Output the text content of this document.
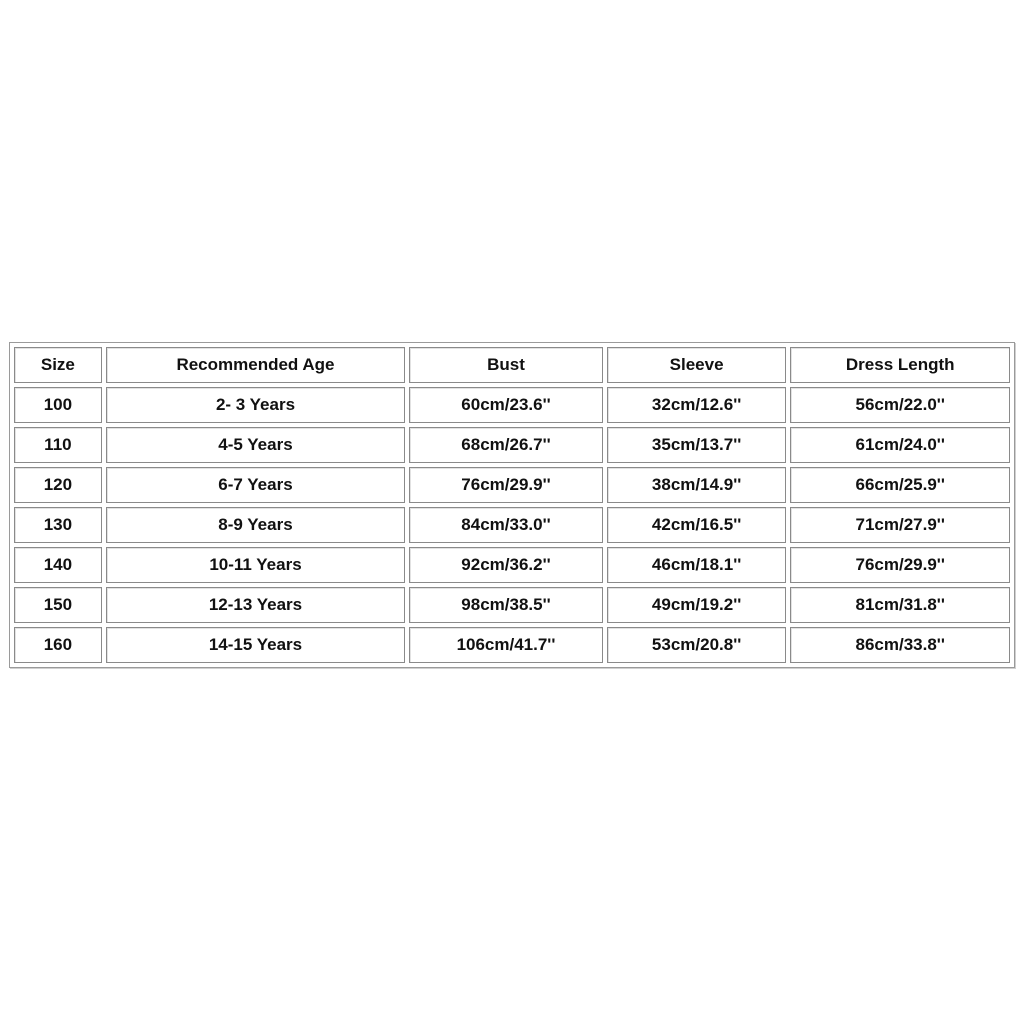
Size	Recommended Age	Bust	Sleeve	Dress Length
100	2- 3 Years	60cm/23.6''	32cm/12.6''	56cm/22.0''
110	4-5 Years	68cm/26.7''	35cm/13.7''	61cm/24.0''
120	6-7 Years	76cm/29.9''	38cm/14.9''	66cm/25.9''
130	8-9 Years	84cm/33.0''	42cm/16.5''	71cm/27.9''
140	10-11 Years	92cm/36.2''	46cm/18.1''	76cm/29.9''
150	12-13 Years	98cm/38.5''	49cm/19.2''	81cm/31.8''
160	14-15 Years	106cm/41.7''	53cm/20.8''	86cm/33.8''
